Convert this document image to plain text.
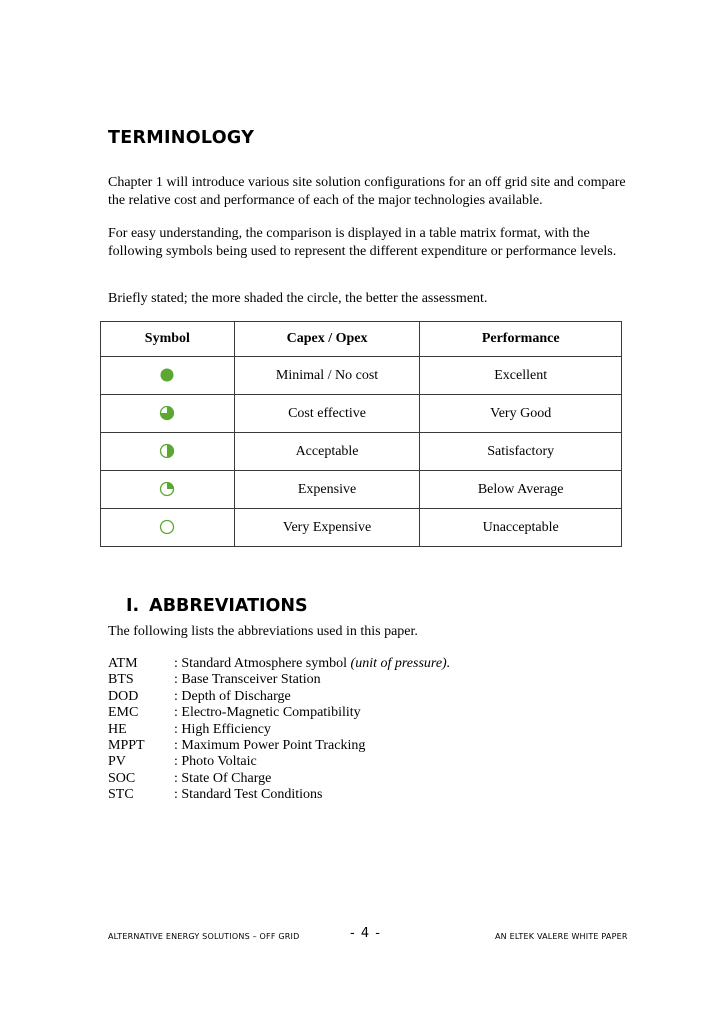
TERMINOLOGY

Chapter 1 will introduce various site solution configurations for an off grid site and compare the relative cost and performance of each of the major technologies available.

For easy understanding, the comparison is displayed in a table matrix format, with the following symbols being used to represent the different expenditure or performance levels.

Briefly stated; the more shaded the circle, the better the assessment.

Symbol	Capex / Opex	Performance
	Minimal / No cost	Excellent
	Cost effective	Very Good
	Acceptable	Satisfactory
	Expensive	Below Average
	Very Expensive	Unacceptable
I. ABBREVIATIONS

The following lists the abbreviations used in this paper.

ATM	: Standard Atmosphere symbol (unit of pressure).
BTS	: Base Transceiver Station
DOD	: Depth of Discharge
EMC	: Electro-Magnetic Compatibility
HE	: High Efficiency
MPPT	: Maximum Power Point Tracking
PV	: Photo Voltaic
SOC	: State Of Charge
STC	: Standard Test Conditions
ALTERNATIVE ENERGY SOLUTIONS – OFF GRID	- 4 -	AN ELTEK VALERE WHITE PAPER
